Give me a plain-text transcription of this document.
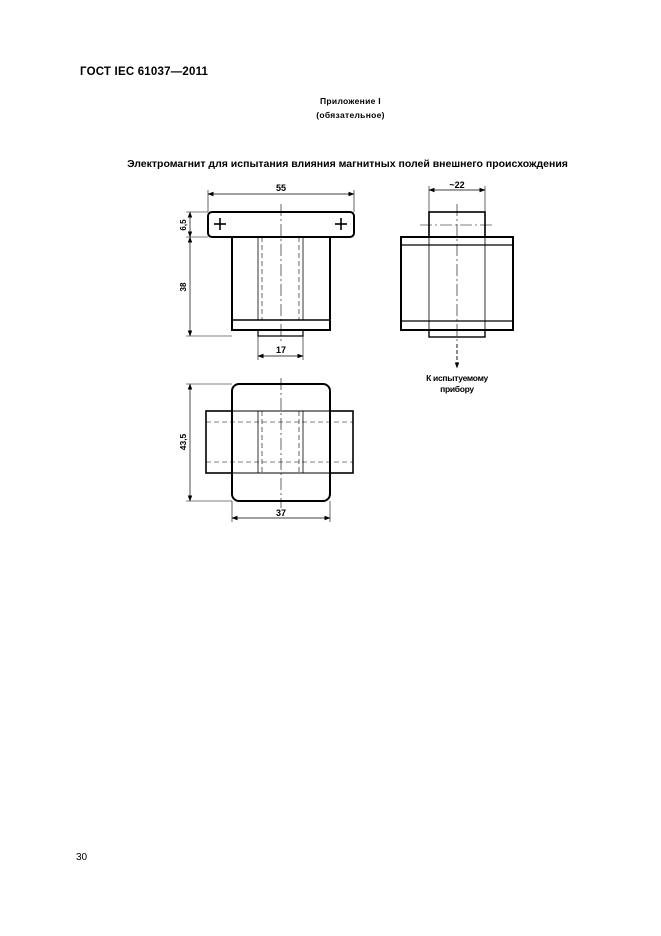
ГОСТ IEC 61037—2011
Приложение I
(обязательное)
Электромагнит для испытания влияния магнитных полей внешнего происхождения
55
6,5
38
17
~22
К испытуемому
прибору
43,5
37
30
